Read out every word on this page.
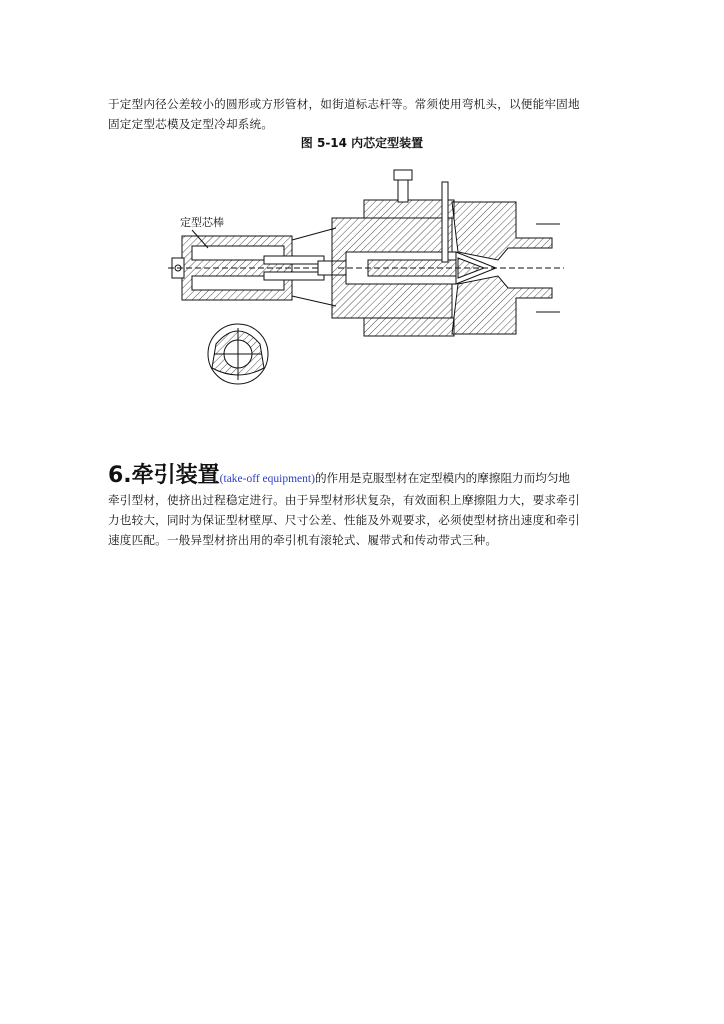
于定型内径公差较小的圆形或方形管材，如街道标志杆等。常须使用弯机头，以便能牢固地
固定定型芯模及定型冷却系统。
图 5-14 内芯定型装置
定型芯棒
6.牵引装置(take-off equipment)的作用是克服型材在定型模内的摩擦阻力而均匀地
牵引型材，使挤出过程稳定进行。由于异型材形状复杂，有效面积上摩擦阻力大，要求牵引
力也较大，同时为保证型材壁厚、尺寸公差、性能及外观要求，必须使型材挤出速度和牵引
速度匹配。一般异型材挤出用的牵引机有滚轮式、履带式和传动带式三种。
